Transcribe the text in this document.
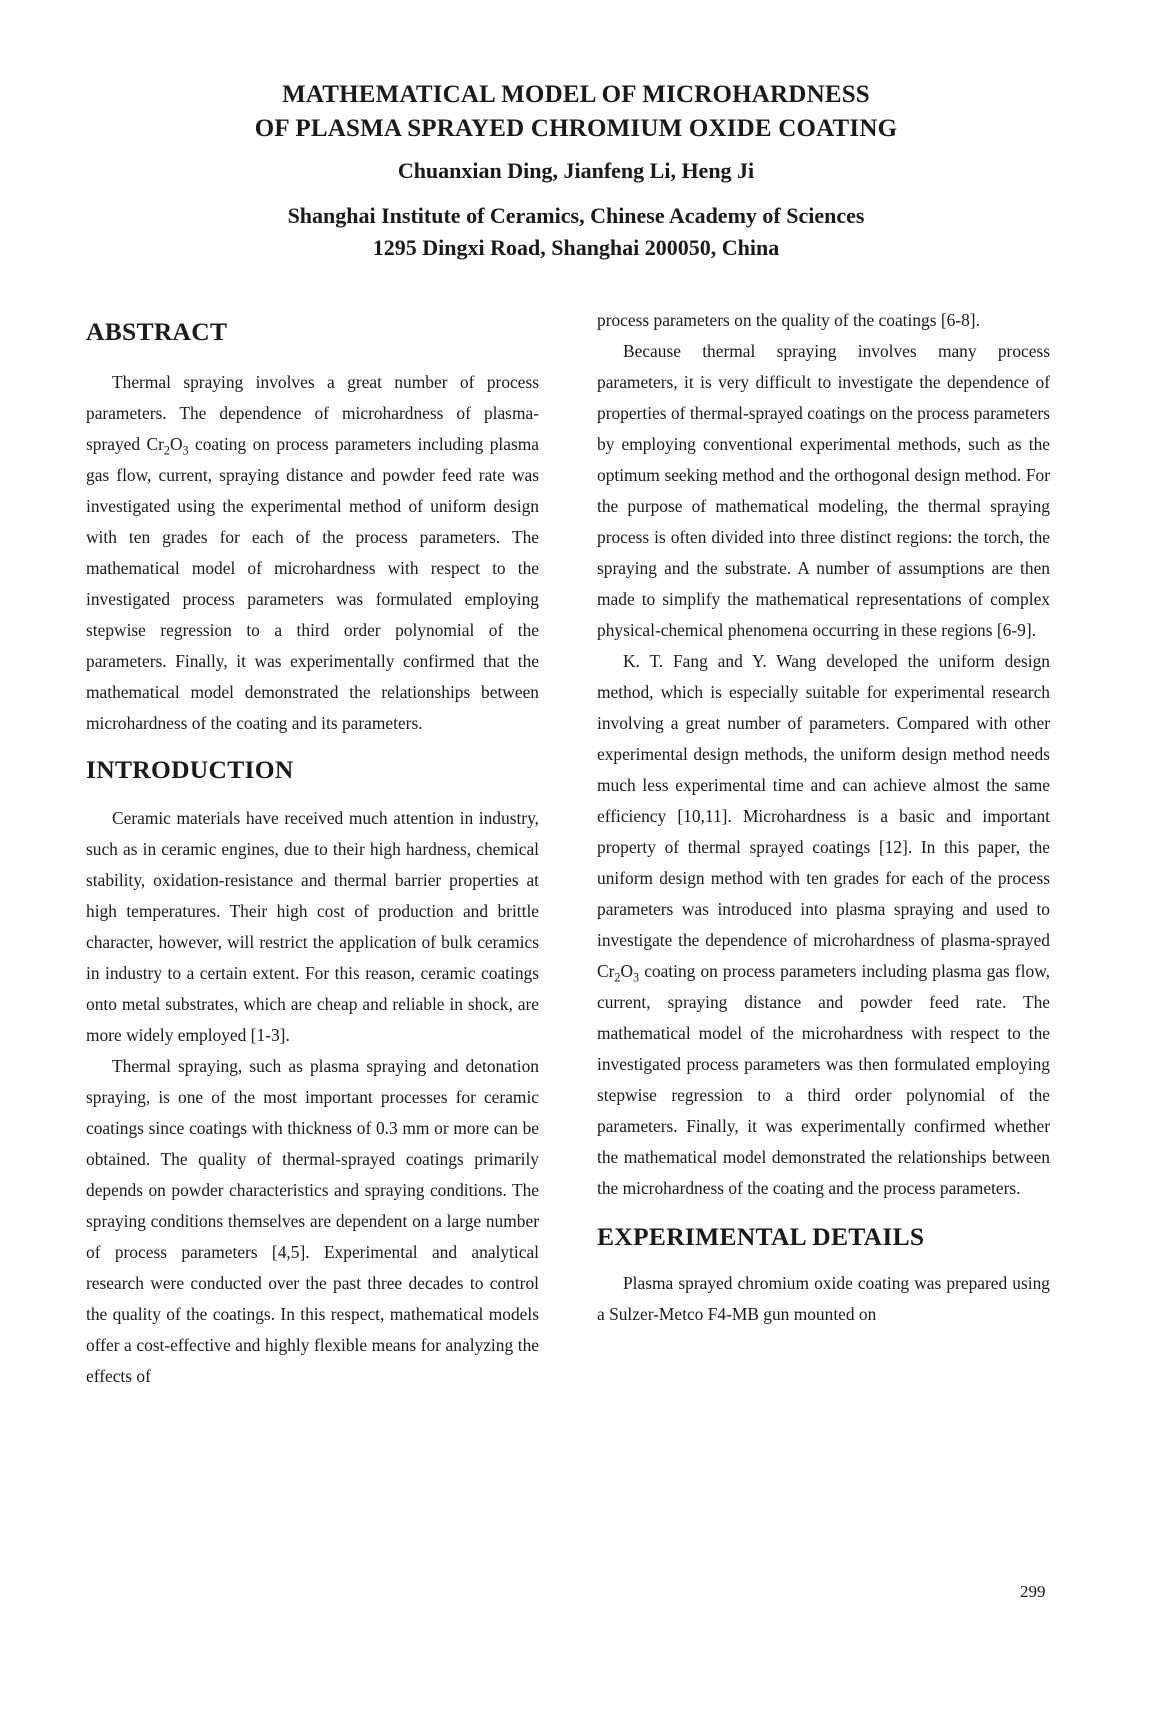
MATHEMATICAL MODEL OF MICROHARDNESS
OF PLASMA SPRAYED CHROMIUM OXIDE COATING
Chuanxian Ding, Jianfeng Li, Heng Ji
Shanghai Institute of Ceramics, Chinese Academy of Sciences
1295 Dingxi Road, Shanghai 200050, China
ABSTRACT

Thermal spraying involves a great number of process parameters. The dependence of microhardness of plasma-sprayed $Cr_2O_3$ coating on process parameters including plasma gas flow, current, spraying distance and powder feed rate was investigated using the experimental method of uniform design with ten grades for each of the process parameters. The mathematical model of microhardness with respect to the investigated process parameters was formulated employing stepwise regression to a third order polynomial of the parameters. Finally, it was experimentally confirmed that the mathematical model demonstrated the relationships between microhardness of the coating and its parameters.

INTRODUCTION

Ceramic materials have received much attention in industry, such as in ceramic engines, due to their high hardness, chemical stability, oxidation-resistance and thermal barrier properties at high temperatures. Their high cost of production and brittle character, however, will restrict the application of bulk ceramics in industry to a certain extent. For this reason, ceramic coatings onto metal substrates, which are cheap and reliable in shock, are more widely employed [1-3].

Thermal spraying, such as plasma spraying and detonation spraying, is one of the most important processes for ceramic coatings since coatings with thickness of 0.3 mm or more can be obtained. The quality of thermal-sprayed coatings primarily depends on powder characteristics and spraying conditions. The spraying conditions themselves are dependent on a large number of process parameters [4,5]. Experimental and analytical research were conducted over the past three decades to control the quality of the coatings. In this respect, mathematical models offer a cost-effective and highly flexible means for analyzing the effects of

process parameters on the quality of the coatings [6-8].

Because thermal spraying involves many process parameters, it is very difficult to investigate the dependence of properties of thermal-sprayed coatings on the process parameters by employing conventional experimental methods, such as the optimum seeking method and the orthogonal design method. For the purpose of mathematical modeling, the thermal spraying process is often divided into three distinct regions: the torch, the spraying and the substrate. A number of assumptions are then made to simplify the mathematical representations of complex physical-chemical phenomena occurring in these regions [6-9].

K. T. Fang and Y. Wang developed the uniform design method, which is especially suitable for experimental research involving a great number of parameters. Compared with other experimental design methods, the uniform design method needs much less experimental time and can achieve almost the same efficiency [10,11]. Microhardness is a basic and important property of thermal sprayed coatings [12]. In this paper, the uniform design method with ten grades for each of the process parameters was introduced into plasma spraying and used to investigate the dependence of microhardness of plasma-sprayed $Cr_2O_3$ coating on process parameters including plasma gas flow, current, spraying distance and powder feed rate. The mathematical model of the microhardness with respect to the investigated process parameters was then formulated employing stepwise regression to a third order polynomial of the parameters. Finally, it was experimentally confirmed whether the mathematical model demonstrated the relationships between the microhardness of the coating and the process parameters.

EXPERIMENTAL DETAILS

Plasma sprayed chromium oxide coating was prepared using a Sulzer-Metco F4-MB gun mounted on

299
